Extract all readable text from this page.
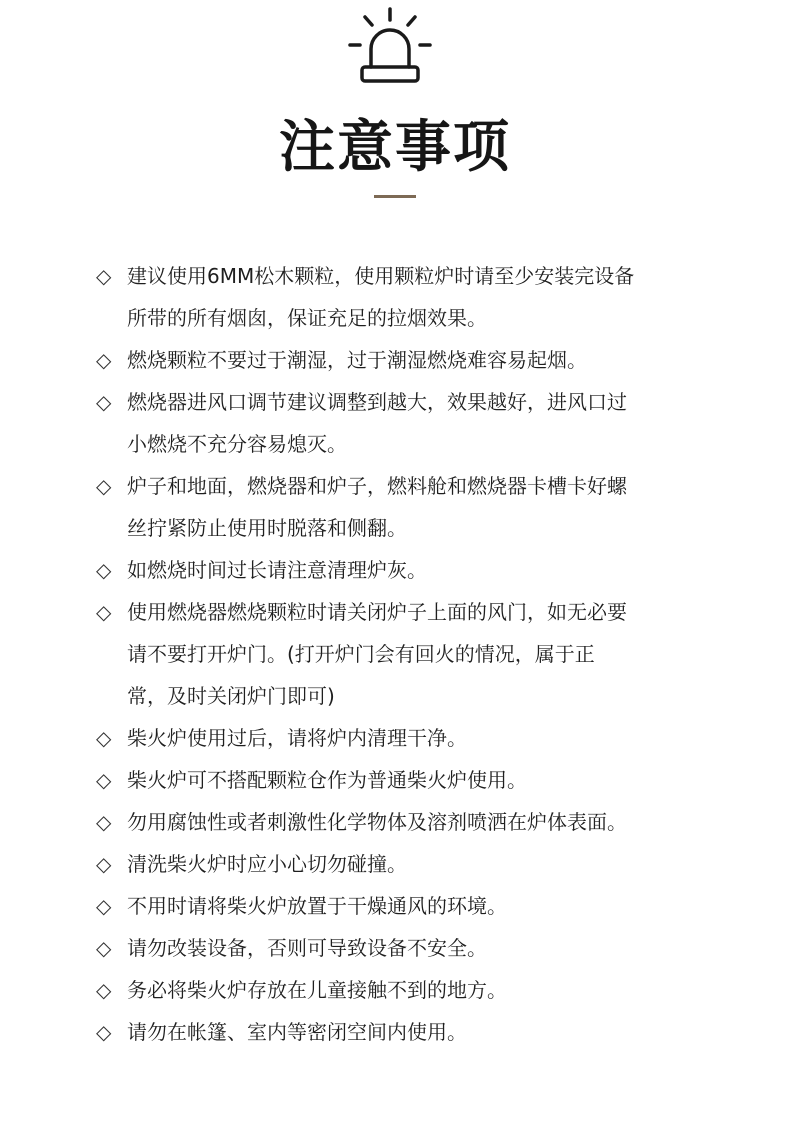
注意事项
◇ 建议使用6MM松木颗粒，使用颗粒炉时请至少安装完设备
所带的所有烟囱，保证充足的拉烟效果。
◇ 燃烧颗粒不要过于潮湿，过于潮湿燃烧难容易起烟。
◇ 燃烧器进风口调节建议调整到越大，效果越好，进风口过
小燃烧不充分容易熄灭。
◇ 炉子和地面，燃烧器和炉子，燃料舱和燃烧器卡槽卡好螺
丝拧紧防止使用时脱落和侧翻。
◇ 如燃烧时间过长请注意清理炉灰。
◇ 使用燃烧器燃烧颗粒时请关闭炉子上面的风门，如无必要
请不要打开炉门。(打开炉门会有回火的情况，属于正
常，及时关闭炉门即可)
◇ 柴火炉使用过后，请将炉内清理干净。
◇ 柴火炉可不搭配颗粒仓作为普通柴火炉使用。
◇ 勿用腐蚀性或者刺激性化学物体及溶剂喷洒在炉体表面。
◇ 清洗柴火炉时应小心切勿碰撞。
◇ 不用时请将柴火炉放置于干燥通风的环境。
◇ 请勿改装设备，否则可导致设备不安全。
◇ 务必将柴火炉存放在儿童接触不到的地方。
◇ 请勿在帐篷、室内等密闭空间内使用。
